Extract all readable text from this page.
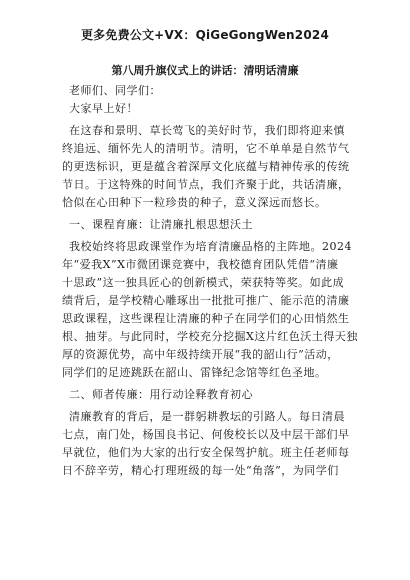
更多免费公文+VX：QiGeGongWen2024
第八周升旗仪式上的讲话：清明话清廉
老师们、同学们：
大家早上好！
在这春和景明、草长莺飞的美好时节，我们即将迎来慎
终追远、缅怀先人的清明节。清明，它不单单是自然节气
的更迭标识，更是蕴含着深厚文化底蕴与精神传承的传统
节日。于这特殊的时间节点，我们齐聚于此，共话清廉，
恰似在心田种下一粒珍贵的种子，意义深远而悠长。
一、课程育廉：让清廉扎根思想沃土
我校始终将思政课堂作为培育清廉品格的主阵地。2024
年“爱我X”X市微团课竞赛中，我校德育团队凭借“清廉
十思政”这一独具匠心的创新模式，荣获特等奖。如此成
绩背后，是学校精心雕琢出一批批可推广、能示范的清廉
思政课程，这些课程让清廉的种子在同学们的心田悄然生
根、抽芽。与此同时，学校充分挖掘X这片红色沃土得天独
厚的资源优势，高中年级持续开展“我的韶山行”活动，
同学们的足迹跳跃在韶山、雷锋纪念馆等红色圣地。
二、师者传廉：用行动诠释教育初心
清廉教育的背后，是一群躬耕教坛的引路人。每日清晨
七点，南门处，杨国良书记、何俊校长以及中层干部们早
早就位，他们为大家的出行安全保驾护航。班主任老师每
日不辞辛劳，精心打理班级的每一处“角落”，为同学们
